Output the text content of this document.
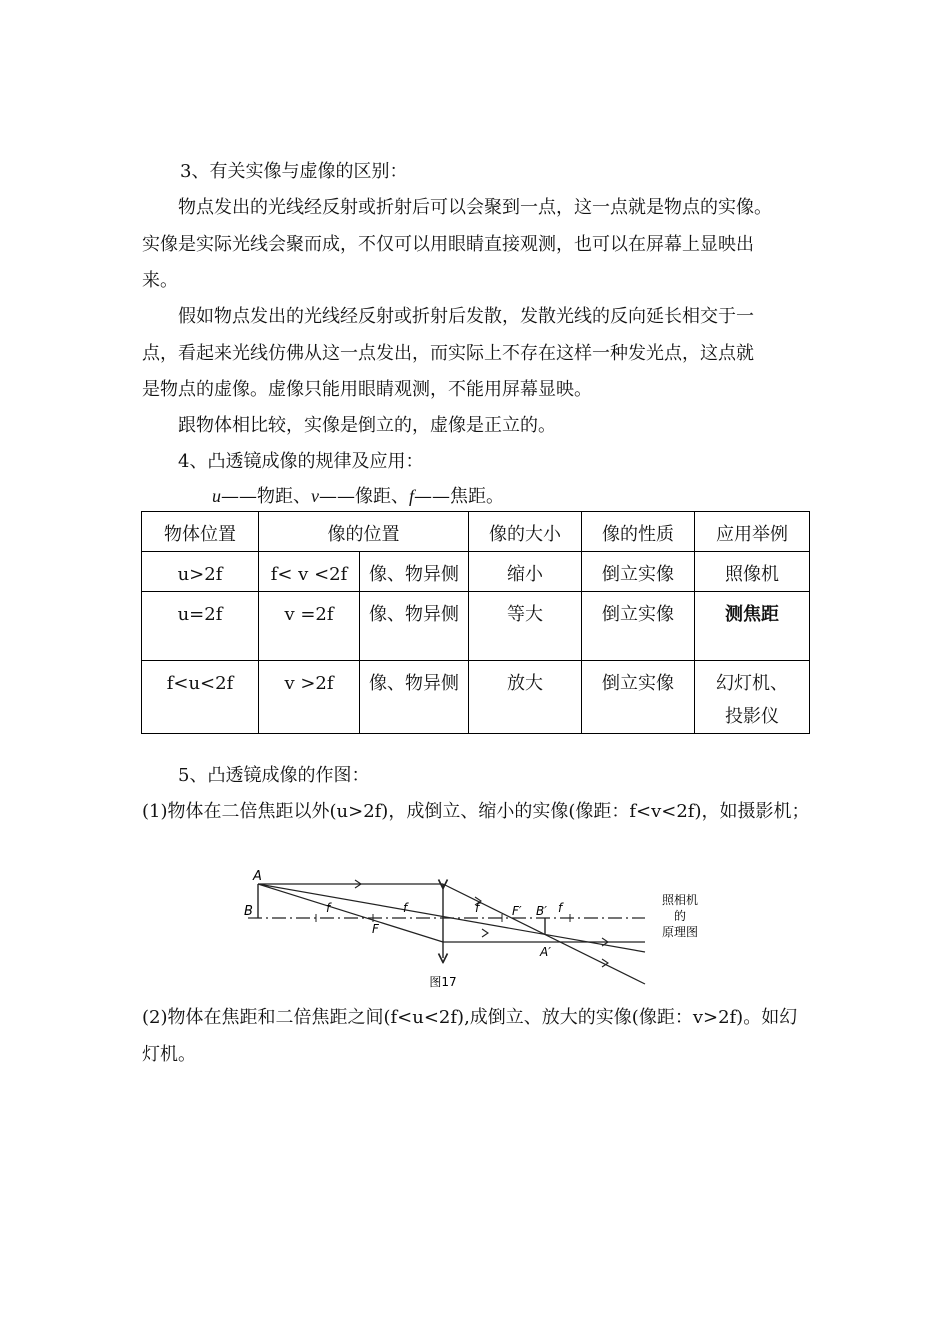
3、有关实像与虚像的区别：
物点发出的光线经反射或折射后可以会聚到一点，这一点就是物点的实像。
实像是实际光线会聚而成，不仅可以用眼睛直接观测，也可以在屏幕上显映出
来。
假如物点发出的光线经反射或折射后发散，发散光线的反向延长相交于一
点，看起来光线仿佛从这一点发出，而实际上不存在这样一种发光点，这点就
是物点的虚像。虚像只能用眼睛观测，不能用屏幕显映。
跟物体相比较，实像是倒立的，虚像是正立的。
4、凸透镜成像的规律及应用：
u——物距、v——像距、f——焦距。
物体位置	像的位置		像的大小	像的性质	应用举例
u>2f	f< v <2f	像、物异侧	缩小	倒立实像	照像机
u=2f	v =2f	像、物异侧	等大	倒立实像	测焦距
f<u<2f	v >2f	像、物异侧	放大	倒立实像	幻灯机、
投影仪
5、凸透镜成像的作图：
(1)物体在二倍焦距以外(u>2f)，成倒立、缩小的实像(像距：f<v<2f)，如摄影机；
A
B	f	f	f	f
F
F′ B′
A′
照相机
的
原理图
图17
(2)物体在焦距和二倍焦距之间(f<u<2f),成倒立、放大的实像(像距：v>2f)。如幻
灯机。
